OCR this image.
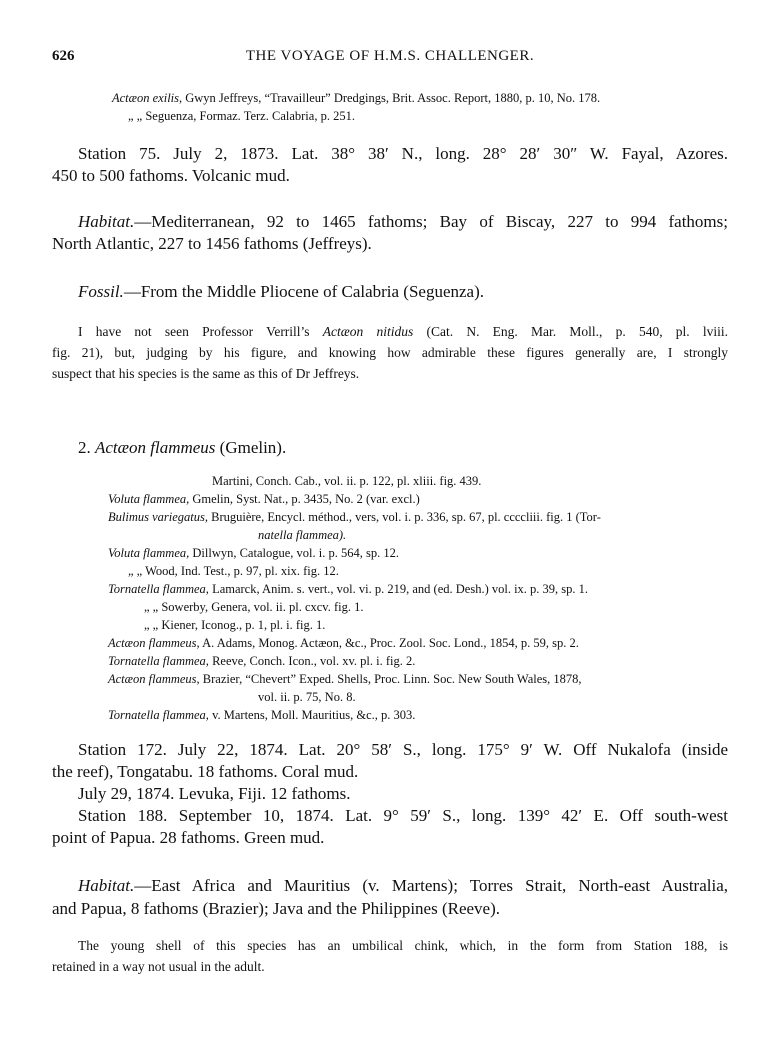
626	THE VOYAGE OF H.M.S. CHALLENGER.
Actæon exilis, Gwyn Jeffreys, “Travailleur” Dredgings, Brit. Assoc. Report, 1880, p. 10, No. 178.
„ „ Seguenza, Formaz. Terz. Calabria, p. 251.
Station 75. July 2, 1873. Lat. 38° 38′ N., long. 28° 28′ 30″ W. Fayal, Azores.
450 to 500 fathoms. Volcanic mud.
Habitat.—Mediterranean, 92 to 1465 fathoms; Bay of Biscay, 227 to 994 fathoms;
North Atlantic, 227 to 1456 fathoms (Jeffreys).
Fossil.—From the Middle Pliocene of Calabria (Seguenza).
I have not seen Professor Verrill’s Actæon nitidus (Cat. N. Eng. Mar. Moll., p. 540, pl. lviii.
fig. 21), but, judging by his figure, and knowing how admirable these figures generally are, I strongly
suspect that his species is the same as this of Dr Jeffreys.
2. Actæon flammeus (Gmelin).
Martini, Conch. Cab., vol. ii. p. 122, pl. xliii. fig. 439.
Voluta flammea, Gmelin, Syst. Nat., p. 3435, No. 2 (var. excl.)
Bulimus variegatus, Bruguière, Encycl. méthod., vers, vol. i. p. 336, sp. 67, pl. ccccliii. fig. 1 (Tor-
natella flammea).
Voluta flammea, Dillwyn, Catalogue, vol. i. p. 564, sp. 12.
„ „ Wood, Ind. Test., p. 97, pl. xix. fig. 12.
Tornatella flammea, Lamarck, Anim. s. vert., vol. vi. p. 219, and (ed. Desh.) vol. ix. p. 39, sp. 1.
„ „ Sowerby, Genera, vol. ii. pl. cxcv. fig. 1.
„ „ Kiener, Iconog., p. 1, pl. i. fig. 1.
Actæon flammeus, A. Adams, Monog. Actæon, &c., Proc. Zool. Soc. Lond., 1854, p. 59, sp. 2.
Tornatella flammea, Reeve, Conch. Icon., vol. xv. pl. i. fig. 2.
Actæon flammeus, Brazier, “Chevert” Exped. Shells, Proc. Linn. Soc. New South Wales, 1878,
vol. ii. p. 75, No. 8.
Tornatella flammea, v. Martens, Moll. Mauritius, &c., p. 303.
Station 172. July 22, 1874. Lat. 20° 58′ S., long. 175° 9′ W. Off Nukalofa (inside
the reef), Tongatabu. 18 fathoms. Coral mud.
July 29, 1874. Levuka, Fiji. 12 fathoms.
Station 188. September 10, 1874. Lat. 9° 59′ S., long. 139° 42′ E. Off south-west
point of Papua. 28 fathoms. Green mud.
Habitat.—East Africa and Mauritius (v. Martens); Torres Strait, North-east Australia,
and Papua, 8 fathoms (Brazier); Java and the Philippines (Reeve).
The young shell of this species has an umbilical chink, which, in the form from Station 188, is
retained in a way not usual in the adult.
